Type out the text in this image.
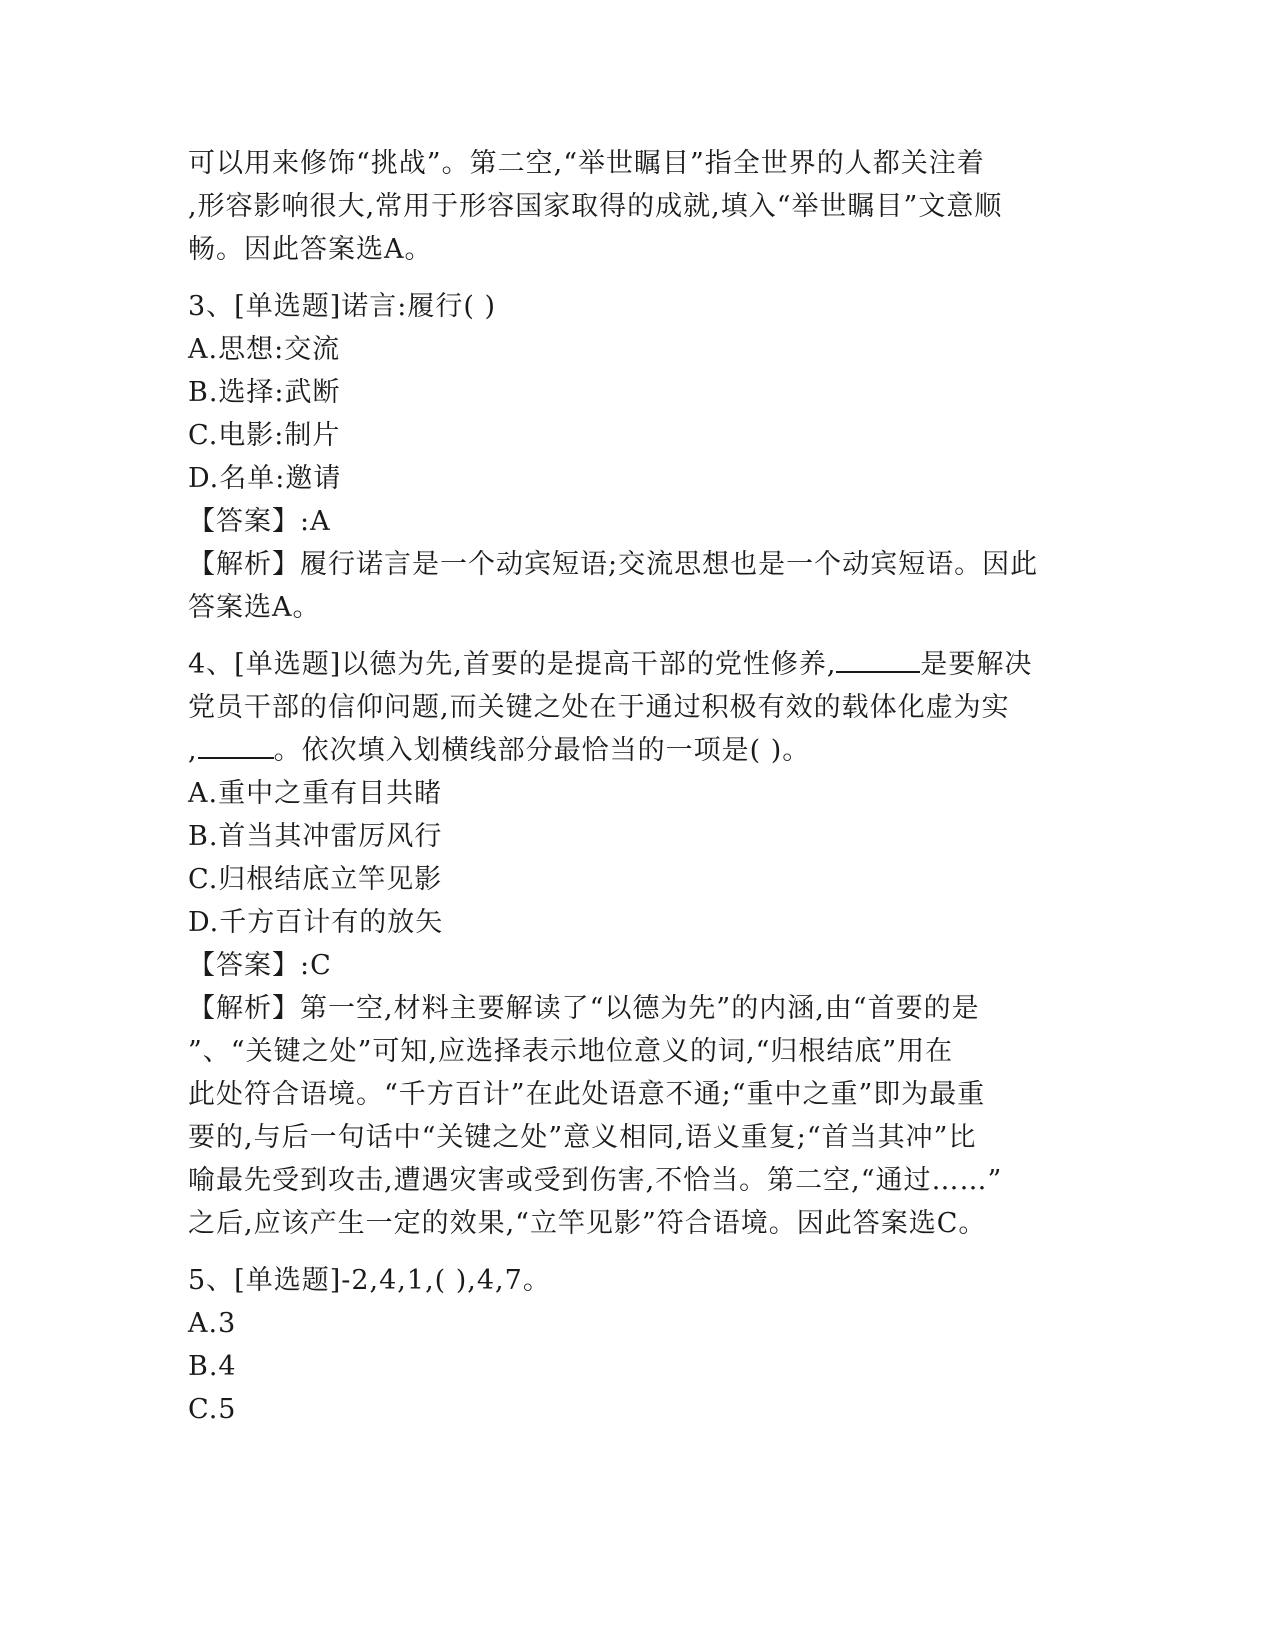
可以用来修饰“挑战”。第二空,“举世瞩目”指全世界的人都关注着
,形容影响很大,常用于形容国家取得的成就,填入“举世瞩目”文意顺
畅。因此答案选A。
3、[单选题]诺言:履行( )
A.思想:交流
B.选择:武断
C.电影:制片
D.名单:邀请
【答案】:A
【解析】履行诺言是一个动宾短语;交流思想也是一个动宾短语。因此
答案选A。
4、[单选题]以德为先,首要的是提高干部的党性修养,	是要解决
党员干部的信仰问题,而关键之处在于通过积极有效的载体化虚为实
,	。依次填入划横线部分最恰当的一项是( )。
A.重中之重有目共睹
B.首当其冲雷厉风行
C.归根结底立竿见影
D.千方百计有的放矢
【答案】:C
【解析】第一空,材料主要解读了“以德为先”的内涵,由“首要的是
”、“关键之处”可知,应选择表示地位意义的词,“归根结底”用在
此处符合语境。“千方百计”在此处语意不通;“重中之重”即为最重
要的,与后一句话中“关键之处”意义相同,语义重复;“首当其冲”比
喻最先受到攻击,遭遇灾害或受到伤害,不恰当。第二空,“通过……”
之后,应该产生一定的效果,“立竿见影”符合语境。因此答案选C。
5、[单选题]-2,4,1,( ),4,7。
A.3
B.4
C.5
